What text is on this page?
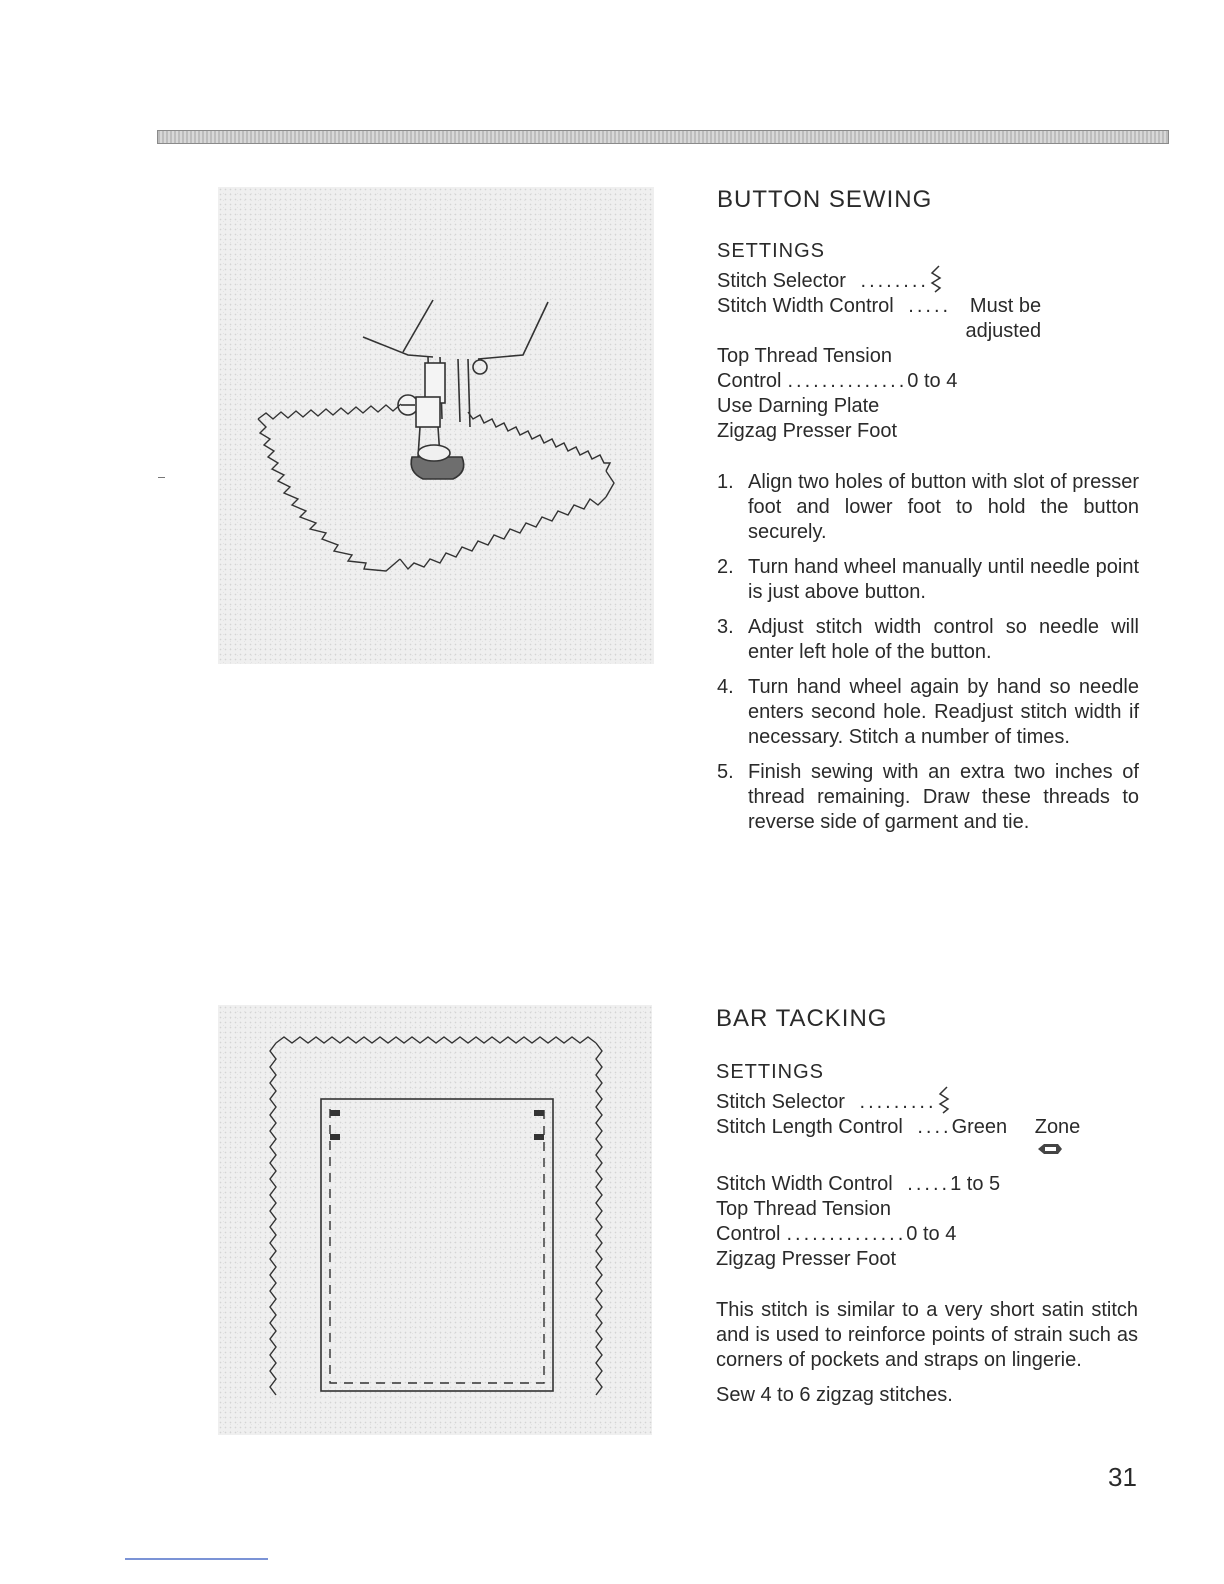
BUTTON SEWING
SETTINGS
Stitch Selector ........
Stitch Width Control ..... Must be adjusted
Top Thread Tension
Control .............. 0 to 4
Use Darning Plate
Zigzag Presser Foot
1. Align two holes of button with slot of presser foot and lower foot to hold the button securely.
2. Turn hand wheel manually until needle point is just above button.
3. Adjust stitch width control so needle will enter left hole of the button.
4. Turn hand wheel again by hand so needle enters second hole. Readjust stitch width if necessary. Stitch a number of times.
5. Finish sewing with an extra two inches of thread remaining. Draw these threads to reverse side of garment and tie.
BAR TACKING
SETTINGS
Stitch Selector .........
Stitch Length Control .... Green Zone
Stitch Width Control ..... 1 to 5
Top Thread Tension
Control .............. 0 to 4
Zigzag Presser Foot

This stitch is similar to a very short satin stitch and is used to reinforce points of strain such as corners of pockets and straps on lingerie.

Sew 4 to 6 zigzag stitches.

31
